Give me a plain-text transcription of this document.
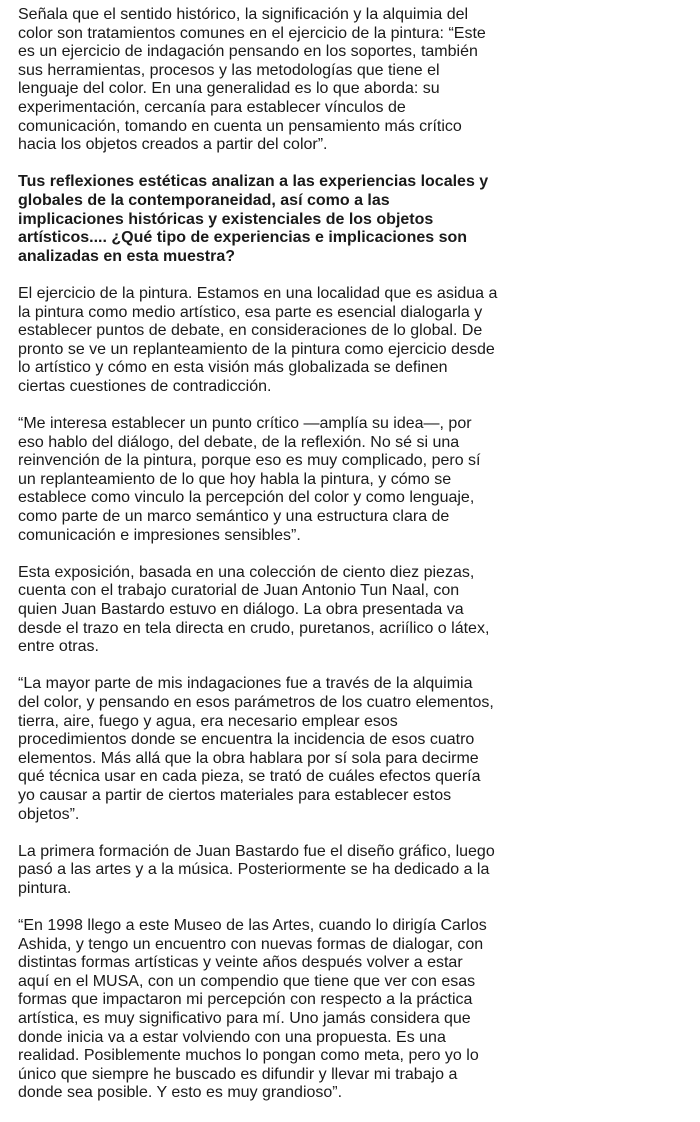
Señala que el sentido histórico, la significación y la alquimia del color son tratamientos comunes en el ejercicio de la pintura: “Este es un ejercicio de indagación pensando en los soportes, también sus herramientas, procesos y las metodologías que tiene el lenguaje del color. En una generalidad es lo que aborda: su experimentación, cercanía para establecer vínculos de comunicación, tomando en cuenta un pensamiento más crítico hacia los objetos creados a partir del color”.

Tus reflexiones estéticas analizan a las experiencias locales y globales de la contemporaneidad, así como a las implicaciones históricas y existenciales de los objetos artísticos.... ¿Qué tipo de experiencias e implicaciones son analizadas en esta muestra?

El ejercicio de la pintura. Estamos en una localidad que es asidua a la pintura como medio artístico, esa parte es esencial dialogarla y establecer puntos de debate, en consideraciones de lo global. De pronto se ve un replanteamiento de la pintura como ejercicio desde lo artístico y cómo en esta visión más globalizada se definen ciertas cuestiones de contradicción.

“Me interesa establecer un punto crítico —amplía su idea—, por eso hablo del diálogo, del debate, de la reflexión. No sé si una reinvención de la pintura, porque eso es muy complicado, pero sí un replanteamiento de lo que hoy habla la pintura, y cómo se establece como vinculo la percepción del color y como lenguaje, como parte de un marco semántico y una estructura clara de comunicación e impresiones sensibles”.

Esta exposición, basada en una colección de ciento diez piezas, cuenta con el trabajo curatorial de Juan Antonio Tun Naal, con quien Juan Bastardo estuvo en diálogo. La obra presentada va desde el trazo en tela directa en crudo, puretanos, acriílico o látex, entre otras.

“La mayor parte de mis indagaciones fue a través de la alquimia del color, y pensando en esos parámetros de los cuatro elementos, tierra, aire, fuego y agua, era necesario emplear esos procedimientos donde se encuentra la incidencia de esos cuatro elementos. Más allá que la obra hablara por sí sola para decirme qué técnica usar en cada pieza, se trató de cuáles efectos quería yo causar a partir de ciertos materiales para establecer estos objetos”.

La primera formación de Juan Bastardo fue el diseño gráfico, luego pasó a las artes y a la música. Posteriormente se ha dedicado a la pintura.

“En 1998 llego a este Museo de las Artes, cuando lo dirigía Carlos Ashida, y tengo un encuentro con nuevas formas de dialogar, con distintas formas artísticas y veinte años después volver a estar aquí en el MUSA, con un compendio que tiene que ver con esas formas que impactaron mi percepción con respecto a la práctica artística, es muy significativo para mí. Uno jamás considera que donde inicia va a estar volviendo con una propuesta. Es una realidad. Posiblemente muchos lo pongan como meta, pero yo lo único que siempre he buscado es difundir y llevar mi trabajo a donde sea posible. Y esto es muy grandioso”.
